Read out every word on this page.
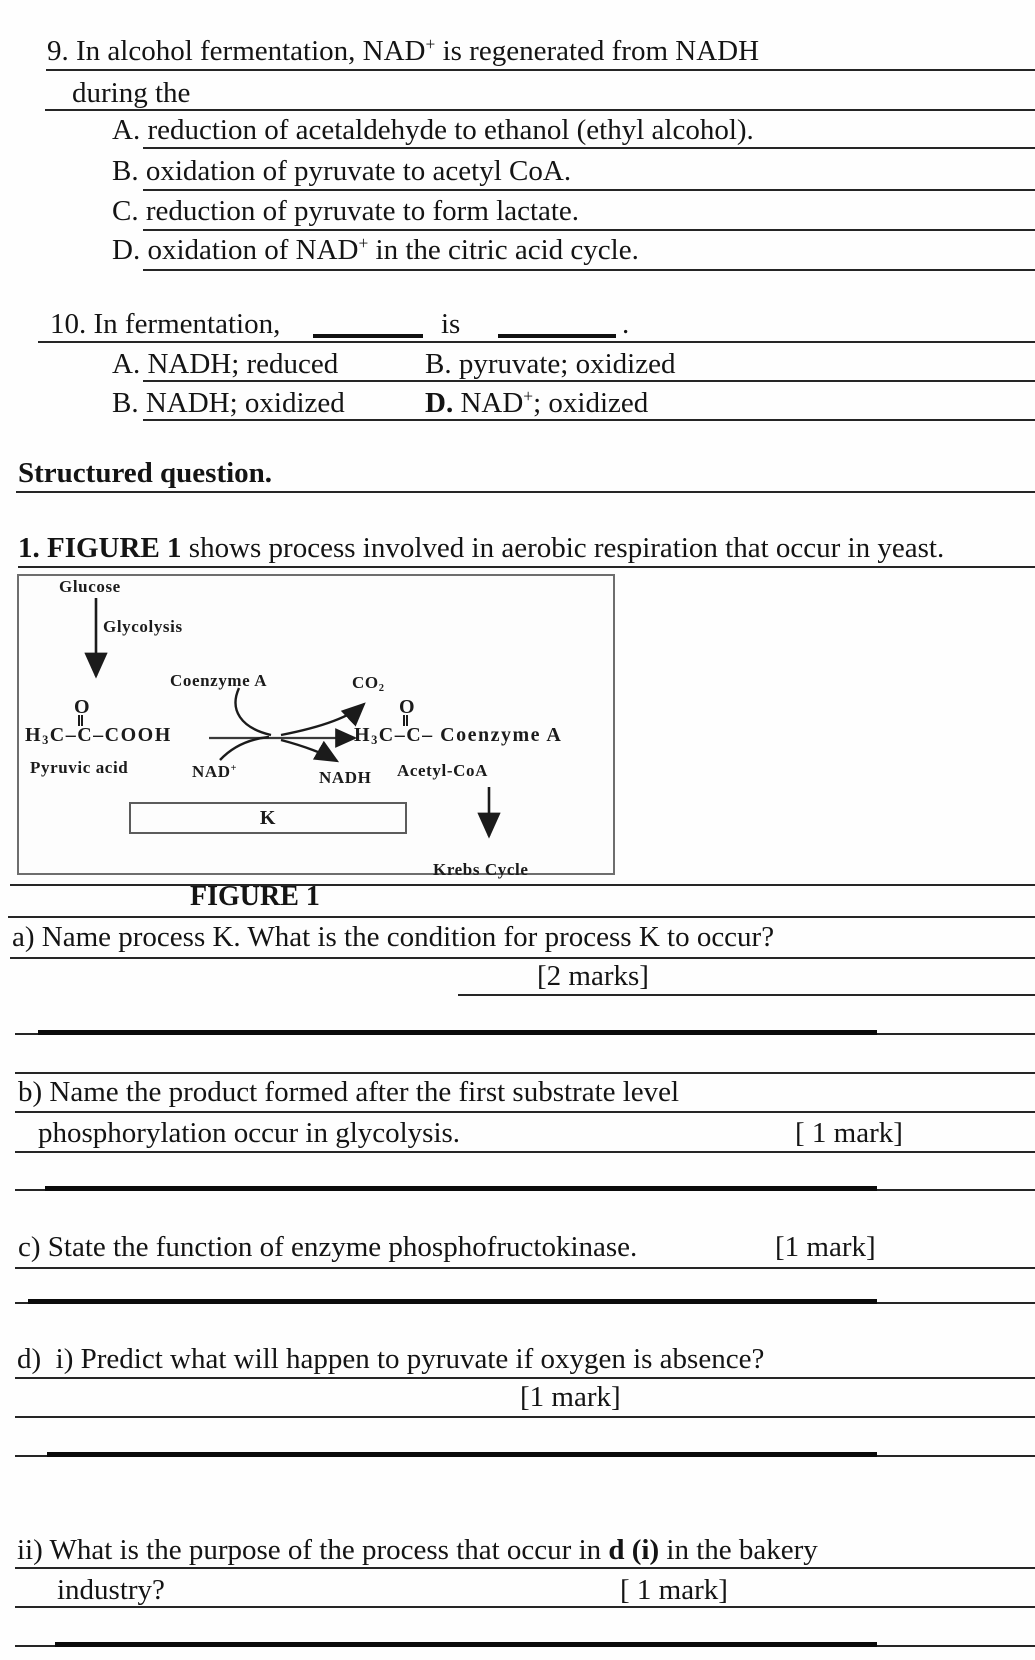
9. In alcohol fermentation, NAD+ is regenerated from NADH
during the
A. reduction of acetaldehyde to ethanol (ethyl alcohol).
B. oxidation of pyruvate to acetyl CoA.
C. reduction of pyruvate to form lactate.
D. oxidation of NAD+ in the citric acid cycle.
10. In fermentation,	is	.
A. NADH; reduced	B. pyruvate; oxidized
B. NADH; oxidized	D. NAD+; oxidized
Structured question.
1. FIGURE 1 shows process involved in aerobic respiration that occur in yeast.
Glucose
Glycolysis
Coenzyme A	CO2
O
H3C–C–COOH
Pyruvic acid	NAD+	NADH
O
H3C–C– Coenzyme A
Acetyl-CoA
K
Krebs Cycle
FIGURE 1
a) Name process K. What is the condition for process K to occur?
[2 marks]
b) Name the product formed after the first substrate level
phosphorylation occur in glycolysis.	[ 1 mark]
c) State the function of enzyme phosphofructokinase.	[1 mark]
d)  i) Predict what will happen to pyruvate if oxygen is absence?
[1 mark]
ii) What is the purpose of the process that occur in d (i) in the bakery
industry?	[ 1 mark]
